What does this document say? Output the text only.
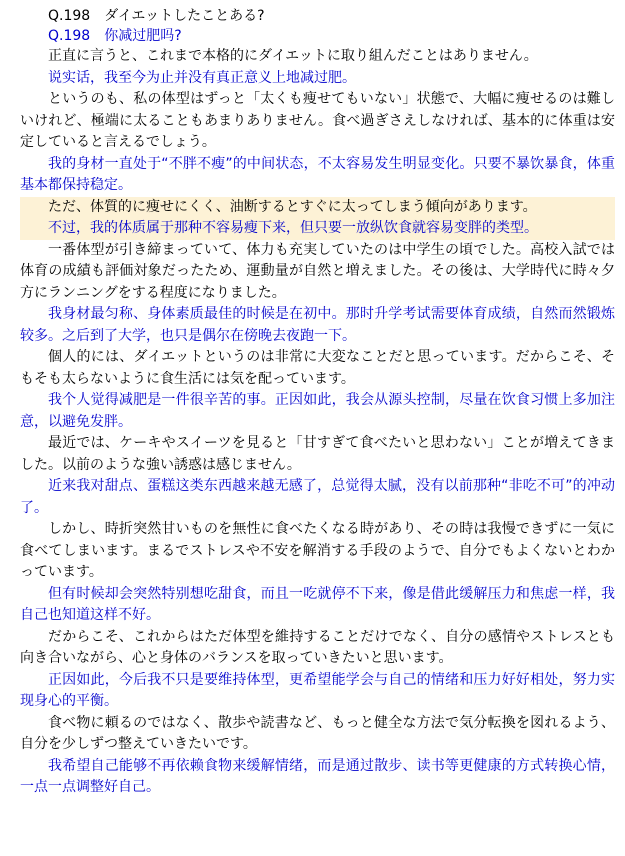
Q.198　ダイエットしたことある?

Q.198　你减过肥吗?

正直に言うと、これまで本格的にダイエットに取り組んだことはありません。

说实话，我至今为止并没有真正意义上地减过肥。

というのも、私の体型はずっと「太くも痩せてもいない」状態で、大幅に痩せるのは難しいけれど、極端に太ることもあまりありません。食べ過ぎさえしなければ、基本的に体重は安定していると言えるでしょう。

我的身材一直处于“不胖不瘦”的中间状态，不太容易发生明显变化。只要不暴饮暴食，体重基本都保持稳定。

ただ、体質的に痩せにくく、油断するとすぐに太ってしまう傾向があります。

不过，我的体质属于那种不容易瘦下来，但只要一放纵饮食就容易变胖的类型。

一番体型が引き締まっていて、体力も充実していたのは中学生の頃でした。高校入試では体育の成績も評価対象だったため、運動量が自然と増えました。その後は、大学時代に時々夕方にランニングをする程度になりました。

我身材最匀称、身体素质最佳的时候是在初中。那时升学考试需要体育成绩，自然而然锻炼较多。之后到了大学，也只是偶尔在傍晚去夜跑一下。

個人的には、ダイエットというのは非常に大変なことだと思っています。だからこそ、そもそも太らないように食生活には気を配っています。

我个人觉得减肥是一件很辛苦的事。正因如此，我会从源头控制，尽量在饮食习惯上多加注意，以避免发胖。

最近では、ケーキやスイーツを見ると「甘すぎて食べたいと思わない」ことが増えてきました。以前のような強い誘惑は感じません。

近来我对甜点、蛋糕这类东西越来越无感了，总觉得太腻，没有以前那种“非吃不可”的冲动了。

しかし、時折突然甘いものを無性に食べたくなる時があり、その時は我慢できずに一気に食べてしまいます。まるでストレスや不安を解消する手段のようで、自分でもよくないとわかっています。

但有时候却会突然特别想吃甜食，而且一吃就停不下来，像是借此缓解压力和焦虑一样，我自己也知道这样不好。

だからこそ、これからはただ体型を維持することだけでなく、自分の感情やストレスとも向き合いながら、心と身体のバランスを取っていきたいと思います。

正因如此，今后我不只是要维持体型，更希望能学会与自己的情绪和压力好好相处，努力实现身心的平衡。

食べ物に頼るのではなく、散歩や読書など、もっと健全な方法で気分転換を図れるよう、自分を少しずつ整えていきたいです。

我希望自己能够不再依赖食物来缓解情绪，而是通过散步、读书等更健康的方式转换心情，一点一点调整好自己。
